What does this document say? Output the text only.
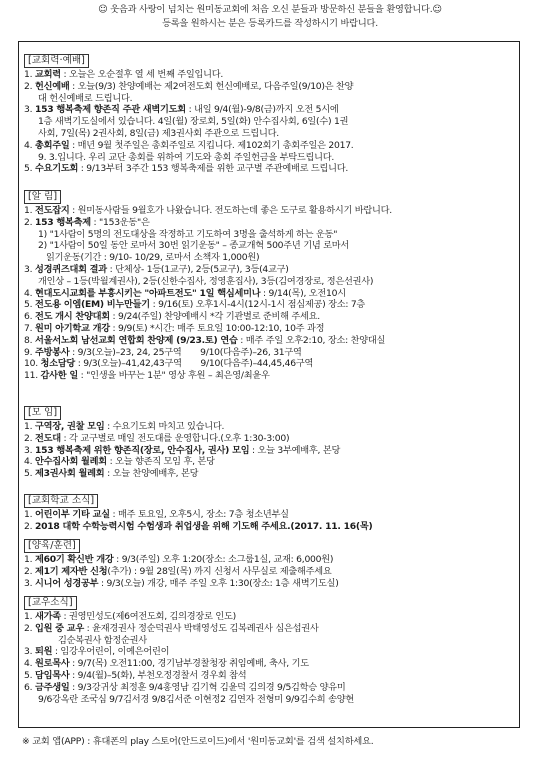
☺ 웃음과 사랑이 넘치는 원미동교회에 처음 오신 분들과 방문하신 분들을 환영합니다.☺
등록을 원하시는 분은 등록카드를 작성하시기 바랍니다.
[교회력·예배]
1. 교회력 : 오늘은 오순절후 열 세 번째 주일입니다.
2. 헌신예배 : 오늘(9/3) 찬양예배는 제2여전도회 헌신예배로, 다음주일(9/10)은 찬양
대 헌신예배로 드립니다.
3. 153 행복축제 향존직 주관 새벽기도회 : 내일 9/4(월)-9/8(금)까지 오전 5시에
1층 새벽기도실에서 있습니다. 4일(월) 장로회, 5일(화) 안수집사회, 6일(수) 1권
사회, 7일(목) 2권사회, 8일(금) 제3권사회 주관으로 드립니다.
4. 총회주일 : 매년 9월 첫주일은 총회주일로 지킵니다. 제102회기 총회주일은 2017.
9. 3.입니다. 우리 교단 총회를 위하여 기도와 총회 주일헌금을 부탁드립니다.
5. 수요기도회 : 9/13부터 3주간 153 행복축제를 위한 교구별 주관예배로 드립니다.
[알 림]
1. 전도잡지 : 원미동사람들 9월호가 나왔습니다. 전도하는데 좋은 도구로 활용하시기 바랍니다.
2. 153 행복축제 : "153운동"은
1) "1사람이 5명의 전도대상을 작정하고 기도하여 3명을 출석하게 하는 운동"
2) "1사람이 50일 동안 로마서 30번 읽기운동" – 종교개혁 500주년 기념 로마서
읽기운동(기간 : 9/10- 10/29, 로마서 소책자 1,000원)
3. 성경퀴즈대회 결과 : 단체상- 1등(1교구), 2등(5교구), 3등(4교구)
개인상 – 1등(박월계권사), 2등(신한수집사, 정영훈집사), 3등(김여경장로, 정은선권사)
4. 현대도시교회를 부흥시키는 "아파트전도" 1일 핵심세미나 : 9/14(목), 오전10시
5. 전도용 이엠(EM) 비누만들기 : 9/16(토) 오후1시-4시(12시-1시 점심제공) 장소: 7층
6. 전도 개시 찬양대회 : 9/24(주일) 찬양예배시 *각 기관별로 준비해 주세요.
7. 원미 아기학교 개강 : 9/9(토) *시간: 매주 토요일 10:00-12:10, 10주 과정
8. 서울서노회 남선교회 연합회 찬양제 (9/23.토) 연습 : 매주 주일 오후2:10, 장소: 찬양대실
9. 주방봉사 : 9/3(오늘)–23, 24, 25구역       9/10(다음주)–26, 31구역
10. 청소담당 : 9/3(오늘)–41,42,43구역       9/10(다음주)–44,45,46구역
11. 감사한 일 : "인생을 바꾸는 1분" 영상 후원 – 최은영/최윤우
[모 임]
1. 구역장, 권찰 모임 : 수요기도회 마치고 있습니다.
2. 전도대 : 각 교구별로 매일 전도대를 운영합니다.(오후 1:30-3:00)
3. 153 행복축제 위한 향존직(장로, 안수집사, 권사) 모임 : 오늘 3부예배후, 본당
4. 안수집사회 월례회 : 오늘 향존직 모임 후, 본당
5. 제3권사회 월례회 : 오늘 찬양예배후, 본당
[교회학교 소식]
1. 어린이부 기타 교실 : 매주 토요일, 오후5시, 장소: 7층 청소년부실
2. 2018 대학 수학능력시험 수험생과 취업생을 위해 기도해 주세요.(2017. 11. 16(목)
[양육/훈련]
1. 제60기 확신반 개강 : 9/3(주일) 오후 1:20(장소: 소그룹1실, 교재: 6,000원)
2. 제1기 제자반 신청(추가) : 9월 28일(목) 까지 신청서 사무실로 제출해주세요
3. 시니어 성경공부 : 9/3(오늘) 개강, 매주 주일 오후 1:30(장소: 1층 새벽기도실)
[교우소식]
1. 새가족 : 권영민성도(제6여전도회, 김의경장로 인도)
2. 입원 중 교우 : 윤재경권사 정순덕권사 박태영성도 김복례권사 심은섭권사
김순복권사 함정순권사
3. 퇴원 : 임강우어린이, 이예은어린이
4. 원로목사 : 9/7(목) 오전11:00, 경기남부경찰청장 취임예배, 축사, 기도
5. 담임목사 : 9/4(월)–5(화), 부천오정경찰서 경우회 참석
6. 금주생일 : 9/3강귀상 최정훈 9/4홍영남 김기혁 김윤덕 김의경 9/5김학승 양유미
9/6강옥란 조국심 9/7김서경 9/8김서준 이현정2 김연자 전형미 9/9김수희 송양현
※ 교회 앱(APP) : 휴대폰의 play 스토어(안드로이드)에서 '원미동교회'를 검색 설치하세요.
